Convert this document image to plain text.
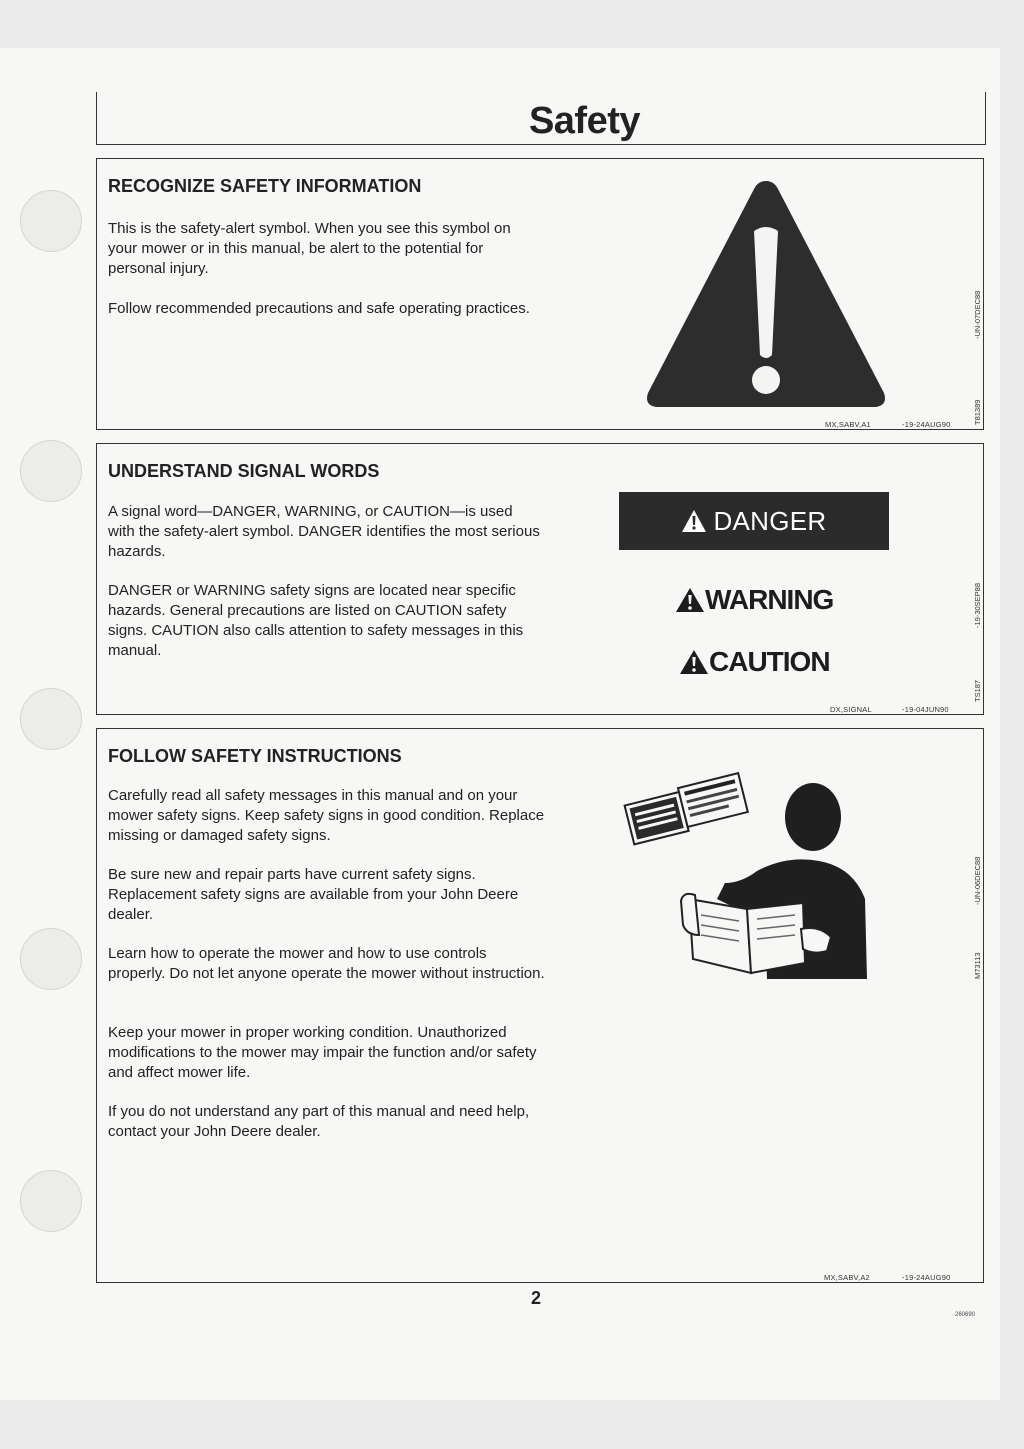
Safety
RECOGNIZE SAFETY INFORMATION

This is the safety-alert symbol. When you see this symbol on your mower or in this manual, be alert to the potential for personal injury.

Follow recommended precautions and safe operating practices.

T81389
-UN-07DEC88
MX,SABV,A1	-19-24AUG90
UNDERSTAND SIGNAL WORDS

A signal word—DANGER, WARNING, or CAUTION—is used with the safety-alert symbol. DANGER identifies the most serious hazards.

DANGER or WARNING safety signs are located near specific hazards. General precautions are listed on CAUTION safety signs. CAUTION also calls attention to safety messages in this manual.

DANGER
WARNING
CAUTION
TS187
-19-30SEP88
DX,SIGNAL	-19-04JUN90
FOLLOW SAFETY INSTRUCTIONS

Carefully read all safety messages in this manual and on your mower safety signs. Keep safety signs in good condition. Replace missing or damaged safety signs.

Be sure new and repair parts have current safety signs. Replacement safety signs are available from your John Deere dealer.

Learn how to operate the mower and how to use controls properly. Do not let anyone operate the mower without instruction.

Keep your mower in proper working condition. Unauthorized modifications to the mower may impair the function and/or safety and affect mower life.

If you do not understand any part of this manual and need help, contact your John Deere dealer.

M73113
-UN-06DEC88
MX,SABV,A2	-19-24AUG90
2
260690
